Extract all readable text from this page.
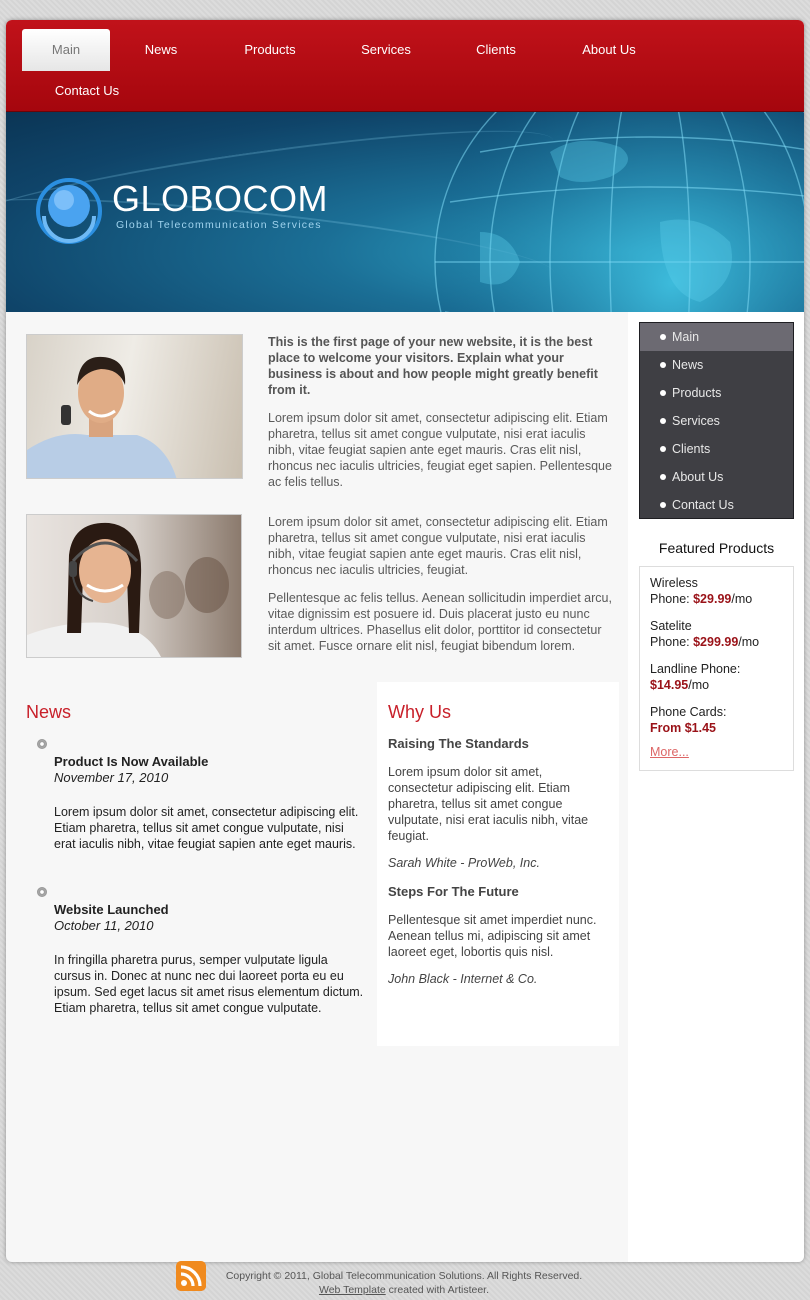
Main	News	Products	Services	Clients	About Us
Contact Us
GLOBOCOM
Global Telecommunication Services
This is the first page of your new website, it is the best place to welcome your visitors. Explain what your business is about and how people might greatly benefit from it.
Lorem ipsum dolor sit amet, consectetur adipiscing elit. Etiam pharetra, tellus sit amet congue vulputate, nisi erat iaculis nibh, vitae feugiat sapien ante eget mauris. Cras elit nisl, rhoncus nec iaculis ultricies, feugiat eget sapien. Pellentesque ac felis tellus.
Lorem ipsum dolor sit amet, consectetur adipiscing elit. Etiam pharetra, tellus sit amet congue vulputate, nisi erat iaculis nibh, vitae feugiat sapien ante eget mauris. Cras elit nisl, rhoncus nec iaculis ultricies, feugiat.
Pellentesque ac felis tellus. Aenean sollicitudin imperdiet arcu, vitae dignissim est posuere id. Duis placerat justo eu nunc interdum ultrices. Phasellus elit dolor, porttitor id consectetur sit amet. Fusce ornare elit nisl, feugiat bibendum lorem.
News
Product Is Now Available
November 17, 2010
Lorem ipsum dolor sit amet, consectetur adipiscing elit. Etiam pharetra, tellus sit amet congue vulputate, nisi erat iaculis nibh, vitae feugiat sapien ante eget mauris.
Website Launched
October 11, 2010
In fringilla pharetra purus, semper vulputate ligula cursus in. Donec at nunc nec dui laoreet porta eu eu ipsum. Sed eget lacus sit amet risus elementum dictum. Etiam pharetra, tellus sit amet congue vulputate.
Why Us
Raising The Standards
Lorem ipsum dolor sit amet, consectetur adipiscing elit. Etiam pharetra, tellus sit amet congue vulputate, nisi erat iaculis nibh, vitae feugiat.
Sarah White - ProWeb, Inc.
Steps For The Future
Pellentesque sit amet imperdiet nunc. Aenean tellus mi, adipiscing sit amet laoreet eget, lobortis quis nisl.
John Black - Internet & Co.
Main
News
Products
Services
Clients
About Us
Contact Us
Featured Products
Wireless
Phone: $29.99/mo
Satelite
Phone: $299.99/mo
Landline Phone:
$14.95/mo
Phone Cards:
From $1.45
More...
Copyright © 2011, Global Telecommunication Solutions. All Rights Reserved.
Web Template created with Artisteer.
